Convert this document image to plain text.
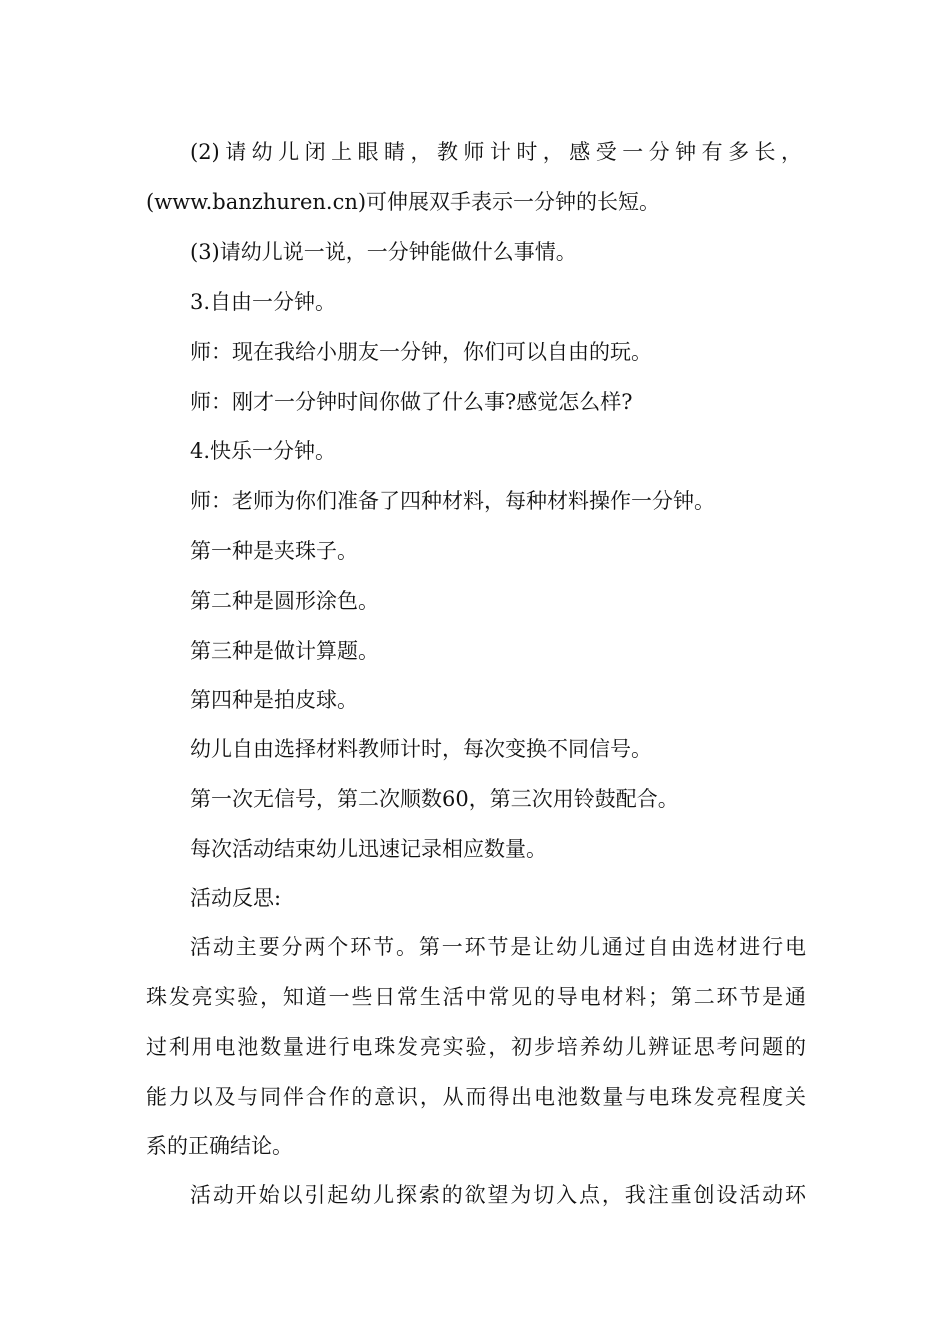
(2)请幼儿闭上眼睛，教师计时，感受一分钟有多长，
(www.banzhuren.cn)可伸展双手表示一分钟的长短。
(3)请幼儿说一说，一分钟能做什么事情。
3.自由一分钟。
师：现在我给小朋友一分钟，你们可以自由的玩。
师：刚才一分钟时间你做了什么事?感觉怎么样?
4.快乐一分钟。
师：老师为你们准备了四种材料，每种材料操作一分钟。
第一种是夹珠子。
第二种是圆形涂色。
第三种是做计算题。
第四种是拍皮球。
幼儿自由选择材料教师计时，每次变换不同信号。
第一次无信号，第二次顺数60，第三次用铃鼓配合。
每次活动结束幼儿迅速记录相应数量。
活动反思:
活动主要分两个环节。第一环节是让幼儿通过自由选材进行电
珠发亮实验，知道一些日常生活中常见的导电材料；第二环节是通
过利用电池数量进行电珠发亮实验，初步培养幼儿辨证思考问题的
能力以及与同伴合作的意识，从而得出电池数量与电珠发亮程度关
系的正确结论。
活动开始以引起幼儿探索的欲望为切入点，我注重创设活动环
